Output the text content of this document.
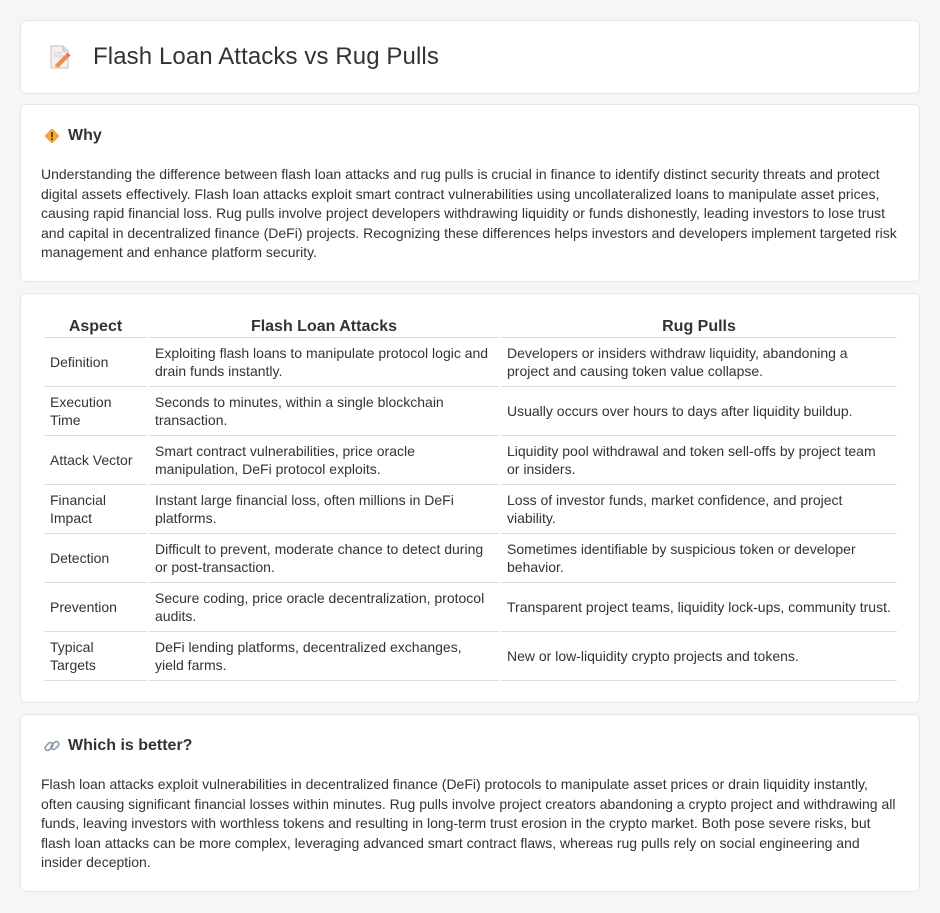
Flash Loan Attacks vs Rug Pulls
Why

Understanding the difference between flash loan attacks and rug pulls is crucial in finance to identify distinct security threats and protect digital assets effectively. Flash loan attacks exploit smart contract vulnerabilities using uncollateralized loans to manipulate asset prices, causing rapid financial loss. Rug pulls involve project developers withdrawing liquidity or funds dishonestly, leading investors to lose trust and capital in decentralized finance (DeFi) projects. Recognizing these differences helps investors and developers implement targeted risk management and enhance platform security.

Aspect	Flash Loan Attacks	Rug Pulls
Definition	Exploiting flash loans to manipulate protocol logic and drain funds instantly.	Developers or insiders withdraw liquidity, abandoning a project and causing token value collapse.
Execution Time	Seconds to minutes, within a single blockchain transaction.	Usually occurs over hours to days after liquidity buildup.
Attack Vector	Smart contract vulnerabilities, price oracle manipulation, DeFi protocol exploits.	Liquidity pool withdrawal and token sell-offs by project team or insiders.
Financial Impact	Instant large financial loss, often millions in DeFi platforms.	Loss of investor funds, market confidence, and project viability.
Detection	Difficult to prevent, moderate chance to detect during or post-transaction.	Sometimes identifiable by suspicious token or developer behavior.
Prevention	Secure coding, price oracle decentralization, protocol audits.	Transparent project teams, liquidity lock-ups, community trust.
Typical Targets	DeFi lending platforms, decentralized exchanges, yield farms.	New or low-liquidity crypto projects and tokens.
Which is better?

Flash loan attacks exploit vulnerabilities in decentralized finance (DeFi) protocols to manipulate asset prices or drain liquidity instantly, often causing significant financial losses within minutes. Rug pulls involve project creators abandoning a crypto project and withdrawing all funds, leaving investors with worthless tokens and resulting in long-term trust erosion in the crypto market. Both pose severe risks, but flash loan attacks can be more complex, leveraging advanced smart contract flaws, whereas rug pulls rely on social engineering and insider deception.
